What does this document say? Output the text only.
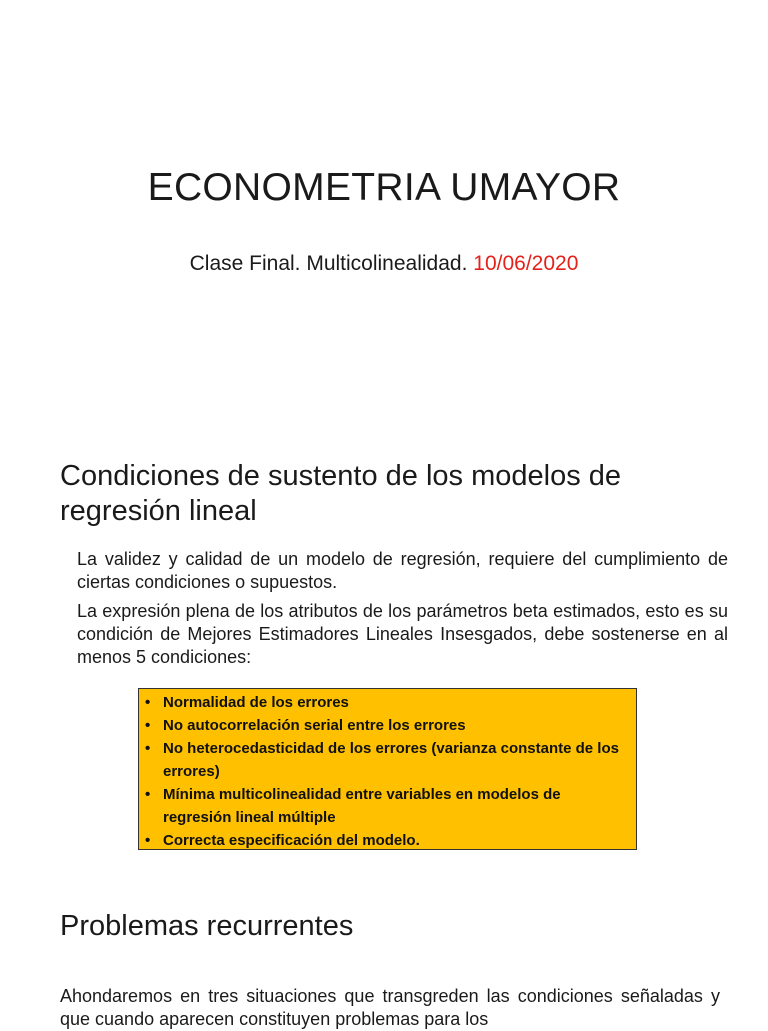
ECONOMETRIA UMAYOR
Clase Final. Multicolinealidad. 10/06/2020
Condiciones de sustento de los modelos de regresión lineal
La validez y calidad de un modelo de regresión, requiere del cumplimiento de ciertas condiciones o supuestos.
La expresión plena de los atributos de los parámetros beta estimados, esto es su condición de Mejores Estimadores Lineales Insesgados, debe sostenerse en al menos 5 condiciones:
• Normalidad de los errores
• No autocorrelación serial entre los errores
• No heterocedasticidad de los errores (varianza constante de los errores)
• Mínima multicolinealidad entre variables en modelos de regresión lineal múltiple
• Correcta especificación del modelo.
Problemas recurrentes
Ahondaremos en tres situaciones que transgreden las condiciones señaladas y que cuando aparecen constituyen problemas para los
